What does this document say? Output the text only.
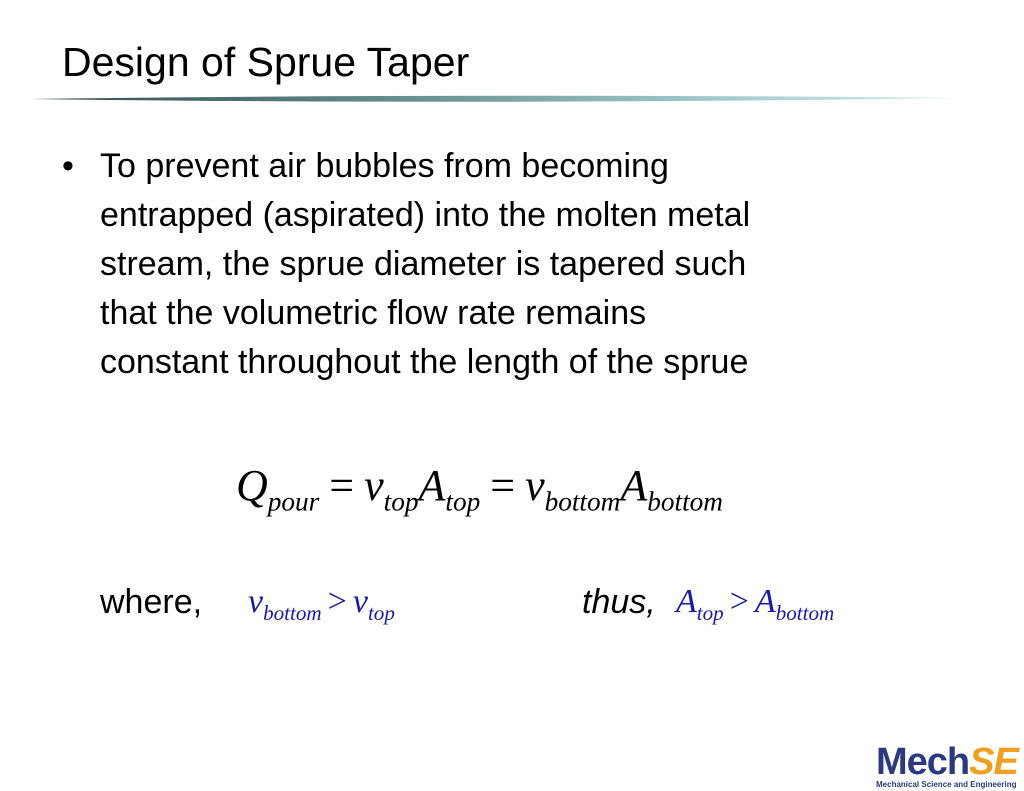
Design of Sprue Taper
• To prevent air bubbles from becoming
entrapped (aspirated) into the molten metal
stream, the sprue diameter is tapered such
that the volumetric flow rate remains
constant throughout the length of the sprue

$Q_{pour} = v_{top}A_{top} = v_{bottom}A_{bottom}$
where, $v_{bottom} > v_{top}$	thus, $A_{top} > A_{bottom}$
MechSE
Mechanical Science and Engineering
